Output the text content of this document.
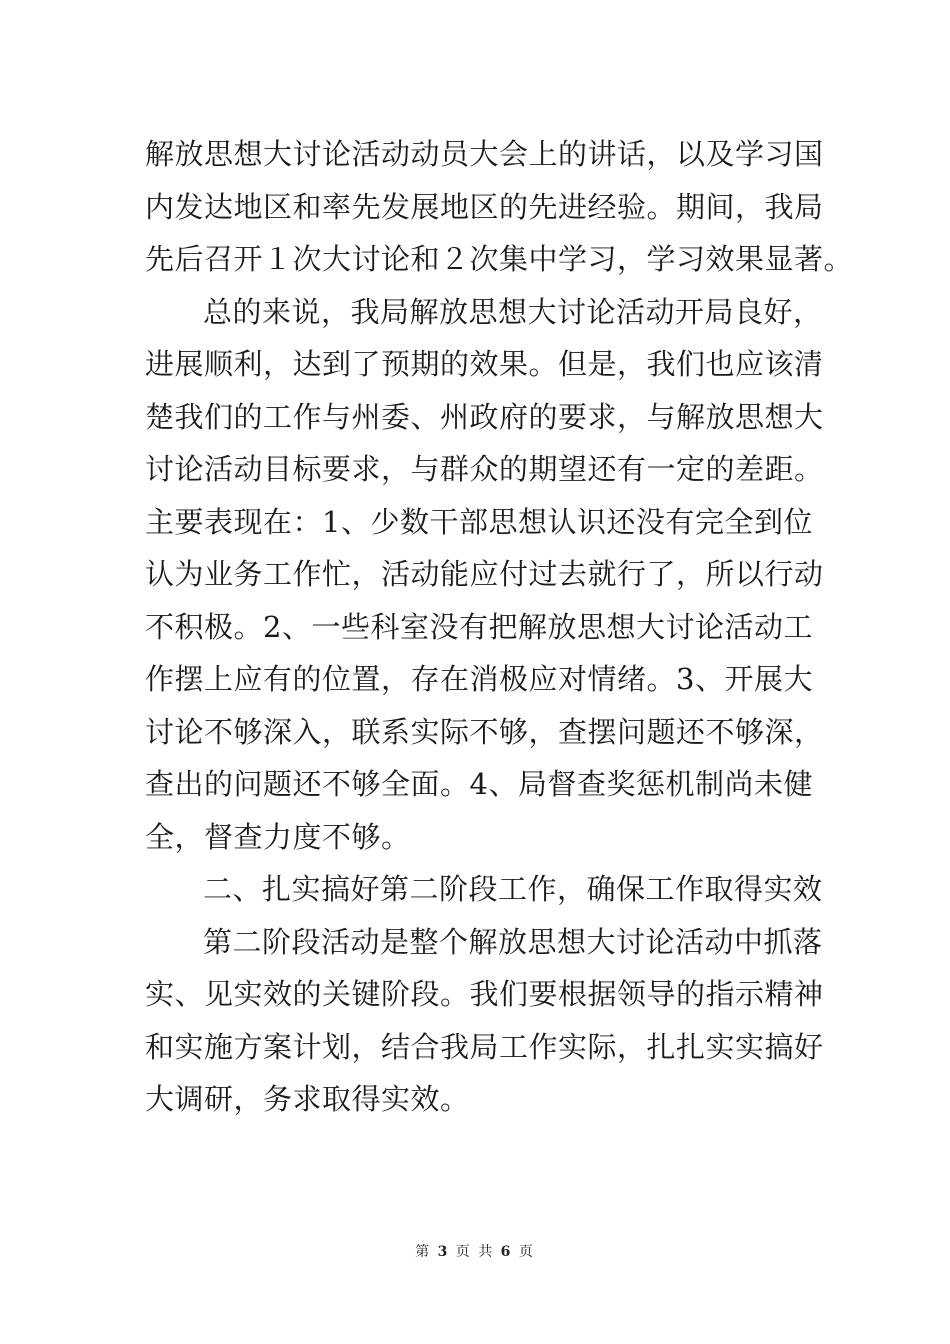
解放思想大讨论活动动员大会上的讲话，以及学习国
内发达地区和率先发展地区的先进经验。期间，我局
先后召开１次大讨论和２次集中学习，学习效果显著。
总的来说，我局解放思想大讨论活动开局良好，
进展顺利，达到了预期的效果。但是，我们也应该清
楚我们的工作与州委、州政府的要求，与解放思想大
讨论活动目标要求，与群众的期望还有一定的差距。
主要表现在：1、少数干部思想认识还没有完全到位
认为业务工作忙，活动能应付过去就行了，所以行动
不积极。2、一些科室没有把解放思想大讨论活动工
作摆上应有的位置，存在消极应对情绪。3、开展大
讨论不够深入，联系实际不够，查摆问题还不够深，
查出的问题还不够全面。4、局督查奖惩机制尚未健
全，督查力度不够。
二、扎实搞好第二阶段工作，确保工作取得实效
第二阶段活动是整个解放思想大讨论活动中抓落
实、见实效的关键阶段。我们要根据领导的指示精神
和实施方案计划，结合我局工作实际，扎扎实实搞好
大调研，务求取得实效。
第 3 页 共 6 页
